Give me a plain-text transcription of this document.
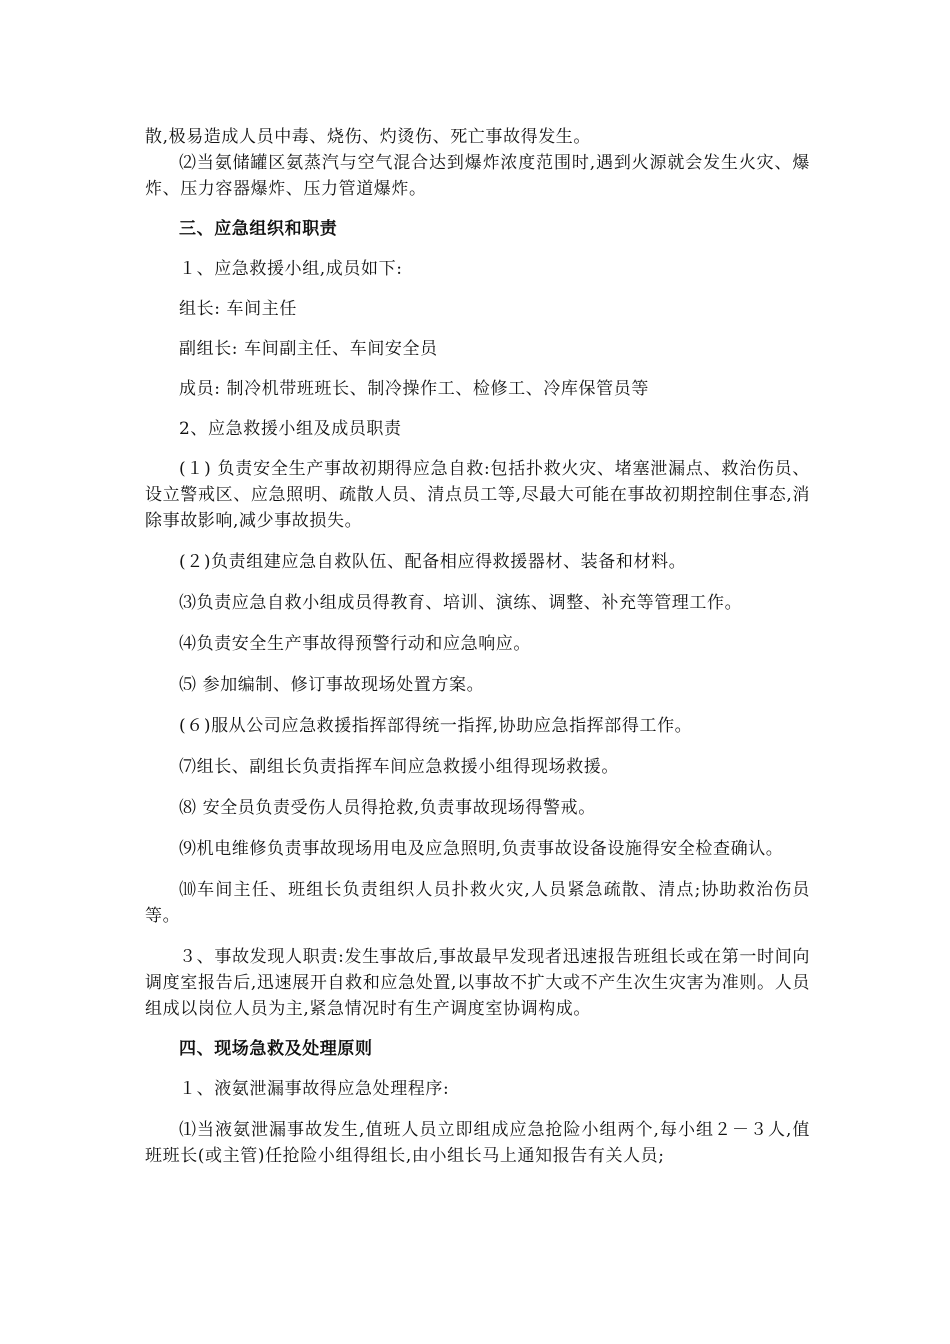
散,极易造成人员中毒、烧伤、灼烫伤、死亡事故得发生。

⑵当氨储罐区氨蒸汽与空气混合达到爆炸浓度范围时,遇到火源就会发生火灾、爆炸、压力容器爆炸、压力管道爆炸。

三、应急组织和职责

１、应急救援小组,成员如下:

组长: 车间主任

副组长: 车间副主任、车间安全员

成员: 制冷机带班班长、制冷操作工、检修工、冷库保管员等

2、应急救援小组及成员职责

(１) 负责安全生产事故初期得应急自救:包括扑救火灾、堵塞泄漏点、救治伤员、设立警戒区、应急照明、疏散人员、清点员工等,尽最大可能在事故初期控制住事态,消除事故影响,减少事故损失。

(２)负责组建应急自救队伍、配备相应得救援器材、装备和材料。

⑶负责应急自救小组成员得教育、培训、演练、调整、补充等管理工作。

⑷负责安全生产事故得预警行动和应急响应。

⑸ 参加编制、修订事故现场处置方案。

(６)服从公司应急救援指挥部得统一指挥,协助应急指挥部得工作。

⑺组长、副组长负责指挥车间应急救援小组得现场救援。

⑻ 安全员负责受伤人员得抢救,负责事故现场得警戒。

⑼机电维修负责事故现场用电及应急照明,负责事故设备设施得安全检查确认。

⑽车间主任、班组长负责组织人员扑救火灾,人员紧急疏散、清点;协助救治伤员等。

３、事故发现人职责:发生事故后,事故最早发现者迅速报告班组长或在第一时间向调度室报告后,迅速展开自救和应急处置,以事故不扩大或不产生次生灾害为准则。人员组成以岗位人员为主,紧急情况时有生产调度室协调构成。

四、现场急救及处理原则

１、液氨泄漏事故得应急处理程序:

⑴当液氨泄漏事故发生,值班人员立即组成应急抢险小组两个,每小组２－３人,值班班长(或主管)任抢险小组得组长,由小组长马上通知报告有关人员;
